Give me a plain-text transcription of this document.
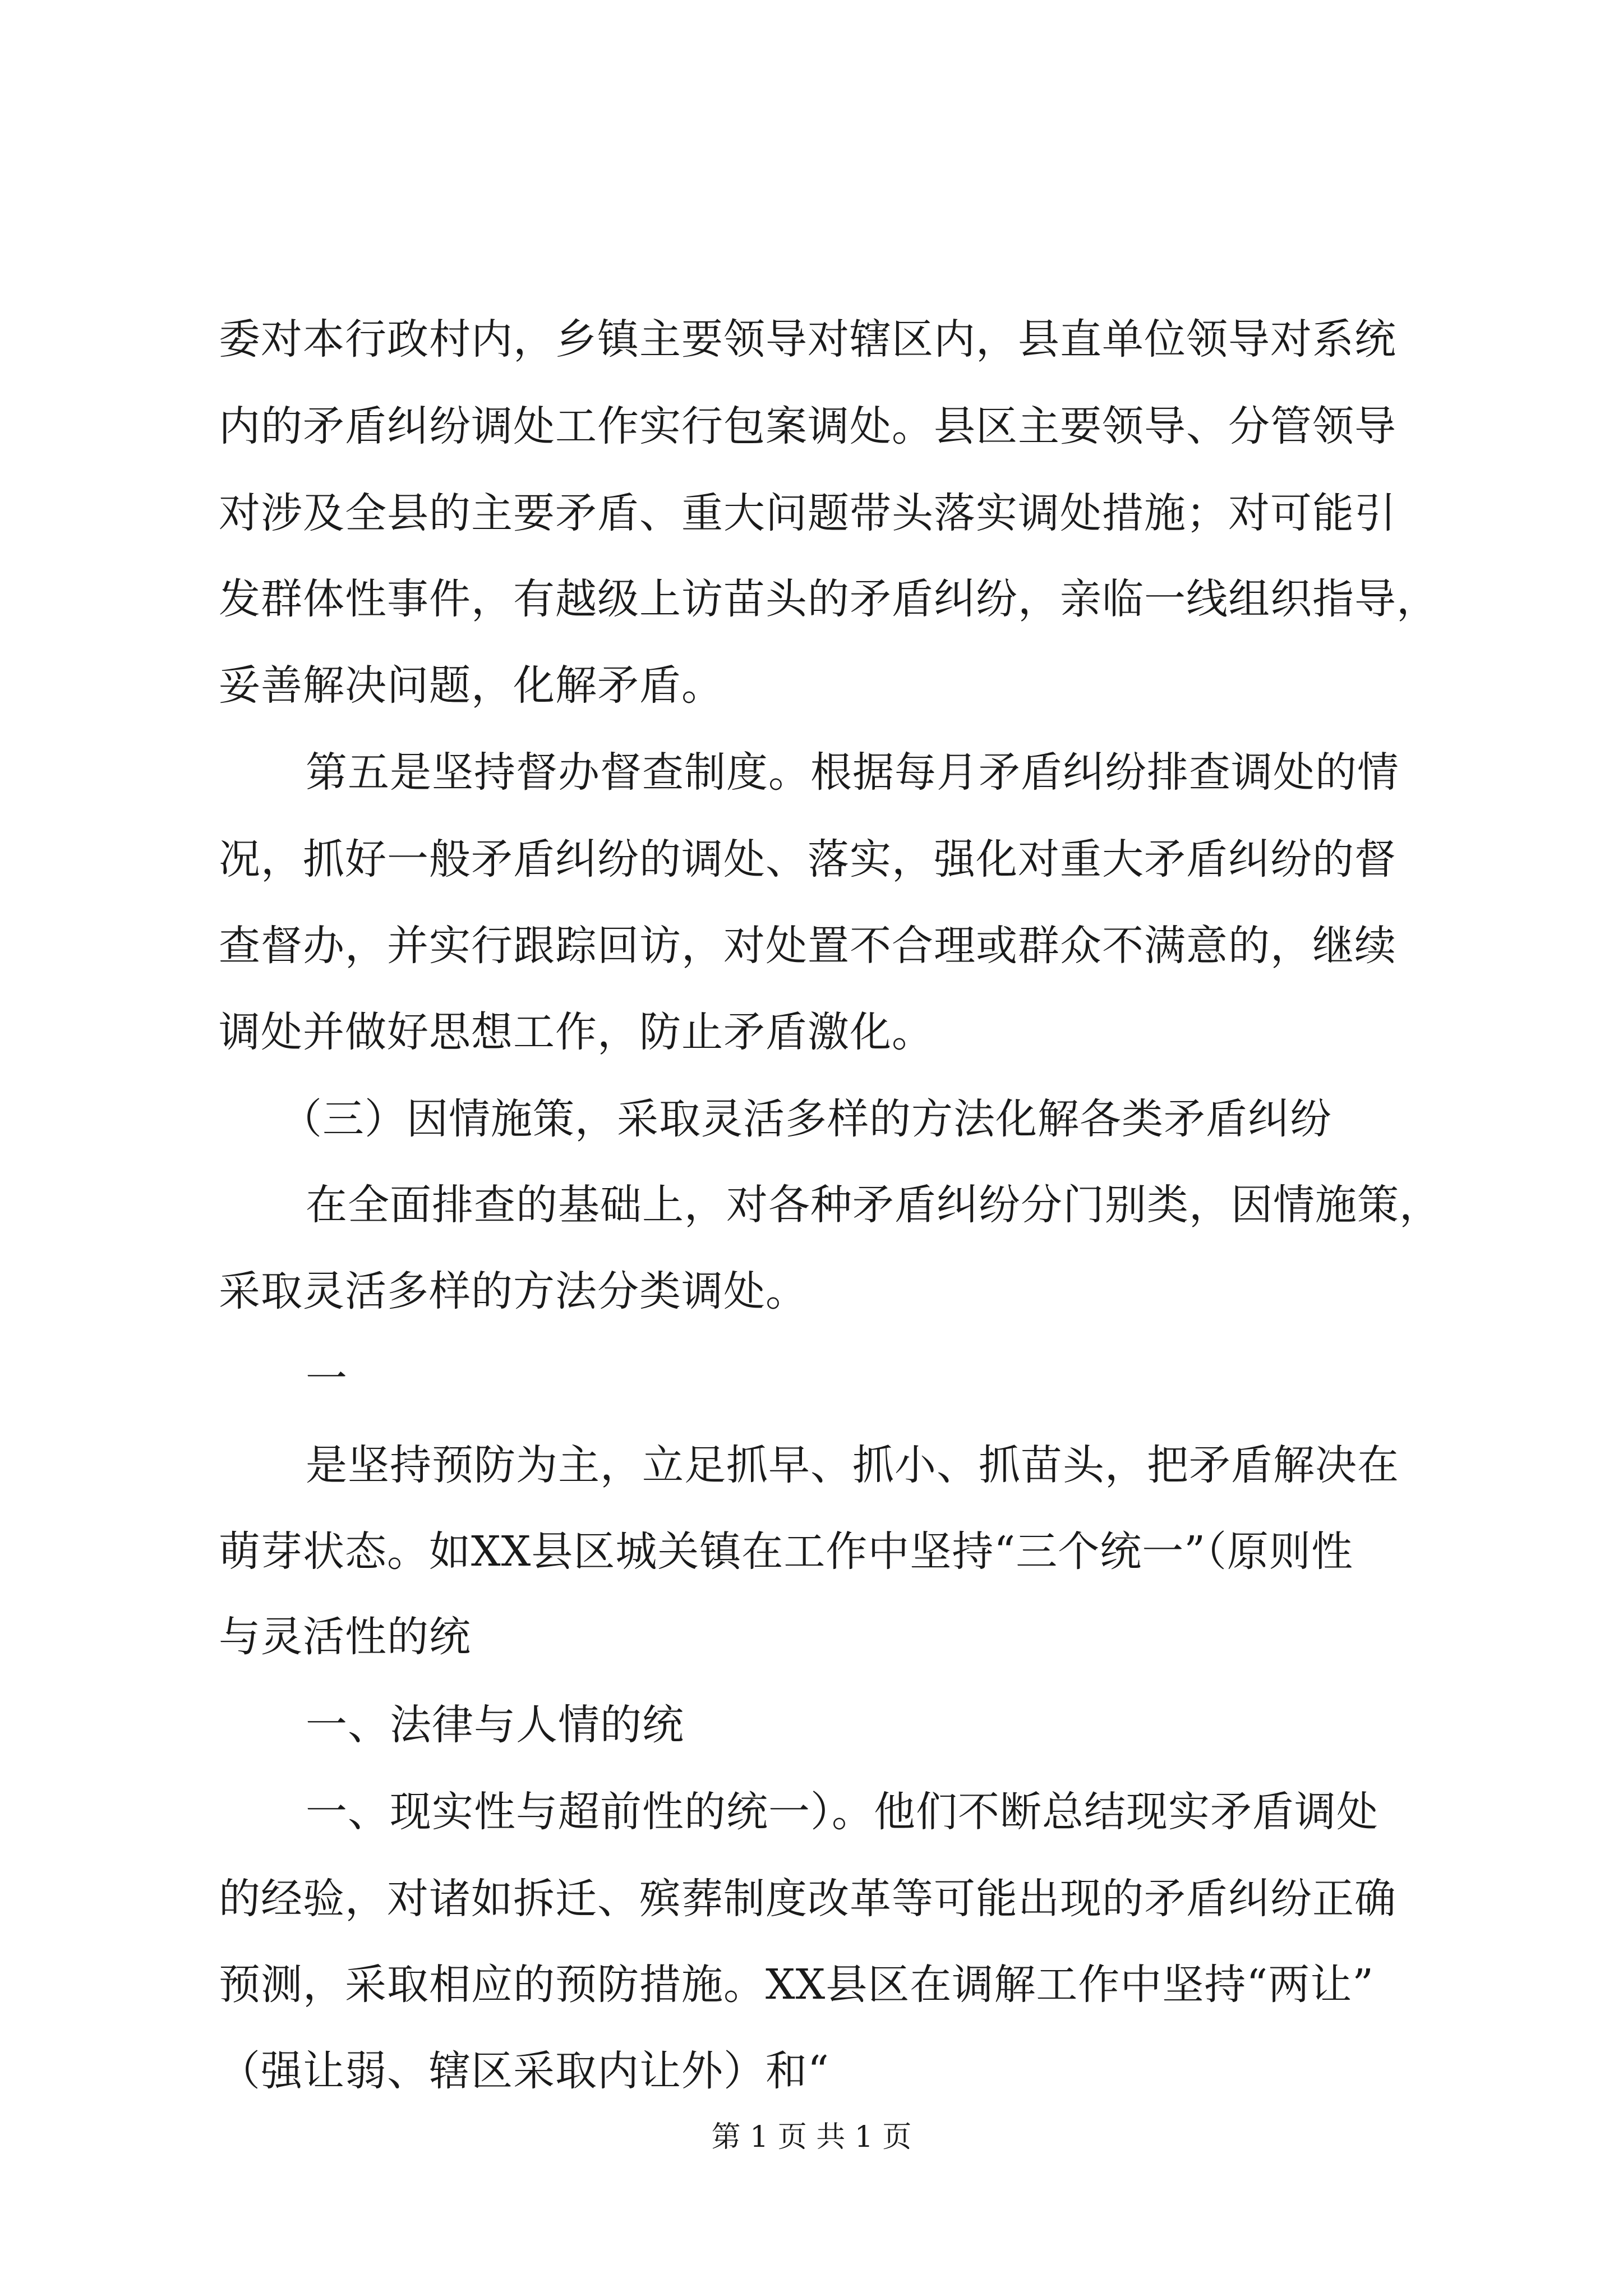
委对本行政村内，乡镇主要领导对辖区内，县直单位领导对系统
内的矛盾纠纷调处工作实行包案调处。县区主要领导、分管领导
对涉及全县的主要矛盾、重大问题带头落实调处措施；对可能引
发群体性事件，有越级上访苗头的矛盾纠纷，亲临一线组织指导，
妥善解决问题，化解矛盾。
第五是坚持督办督查制度。根据每月矛盾纠纷排查调处的情
况，抓好一般矛盾纠纷的调处、落实，强化对重大矛盾纠纷的督
查督办，并实行跟踪回访，对处置不合理或群众不满意的，继续
调处并做好思想工作，防止矛盾激化。
（三）因情施策，采取灵活多样的方法化解各类矛盾纠纷
在全面排查的基础上，对各种矛盾纠纷分门别类，因情施策，
采取灵活多样的方法分类调处。
一
是坚持预防为主，立足抓早、抓小、抓苗头，把矛盾解决在
萌芽状态。如XX县区城关镇在工作中坚持“三个统一”（原则性
与灵活性的统
一、法律与人情的统
一、现实性与超前性的统一）。他们不断总结现实矛盾调处
的经验，对诸如拆迁、殡葬制度改革等可能出现的矛盾纠纷正确
预测，采取相应的预防措施。XX县区在调解工作中坚持“两让”
（强让弱、辖区采取内让外）和“
第 1 页 共 1 页
